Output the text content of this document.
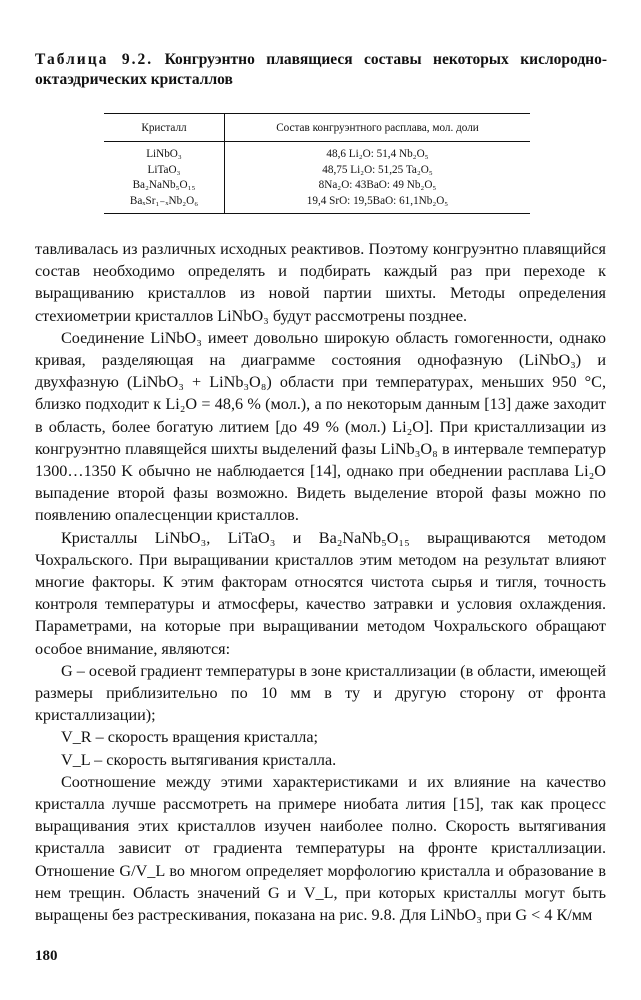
Таблица 9.2. Конгруэнтно плавящиеся составы некоторых кислородно-октаэдрических кристаллов
Кристалл	Состав конгруэнтного расплава, мол. доли
LiNbO₃	48,6 Li₂O: 51,4 Nb₂O₅
LiTaO₃	48,75 Li₂O: 51,25 Ta₂O₅
Ba₂NaNb₅O₁₅	8Na₂O: 43BaO: 49 Nb₂O₅
BaₓSr₁₋ₓNb₂O₆	19,4 SrO: 19,5BaO: 61,1Nb₂O₅

тавливалась из различных исходных реактивов. Поэтому конгруэнтно плавящийся состав необходимо определять и подбирать каждый раз при переходе к выращиванию кристаллов из новой партии шихты. Методы определения стехиометрии кристаллов LiNbO₃ будут рассмотрены позднее.

Соединение LiNbO₃ имеет довольно широкую область гомогенности, однако кривая, разделяющая на диаграмме состояния однофазную (LiNbO₃) и двухфазную (LiNbO₃ + LiNb₃O₈) области при температурах, меньших 950 °C, близко подходит к Li₂O = 48,6 % (мол.), а по некоторым данным [13] даже заходит в область, более богатую литием [до 49 % (мол.) Li₂O]. При кристаллизации из конгруэнтно плавящейся шихты выделений фазы LiNb₃O₈ в интервале температур 1300…1350 K обычно не наблюдается [14], однако при обеднении расплава Li₂O выпадение второй фазы возможно. Видеть выделение второй фазы можно по появлению опалесценции кристаллов.

Кристаллы LiNbO₃, LiTaO₃ и Ba₂NaNb₅O₁₅ выращиваются методом Чохральского. При выращивании кристаллов этим методом на результат влияют многие факторы. К этим факторам относятся чистота сырья и тигля, точность контроля температуры и атмосферы, качество затравки и условия охлаждения. Параметрами, на которые при выращивании методом Чохральского обращают особое внимание, являются:

G – осевой градиент температуры в зоне кристаллизации (в области, имеющей размеры приблизительно по 10 мм в ту и другую сторону от фронта кристаллизации);

V_R – скорость вращения кристалла;

V_L – скорость вытягивания кристалла.

Соотношение между этими характеристиками и их влияние на качество кристалла лучше рассмотреть на примере ниобата лития [15], так как процесс выращивания этих кристаллов изучен наиболее полно. Скорость вытягивания кристалла зависит от градиента температуры на фронте кристаллизации. Отношение G/V_L во многом определяет морфологию кристалла и образование в нем трещин. Область значений G и V_L, при которых кристаллы могут быть выращены без растрескивания, показана на рис. 9.8. Для LiNbO₃ при G < 4 К/мм

180
